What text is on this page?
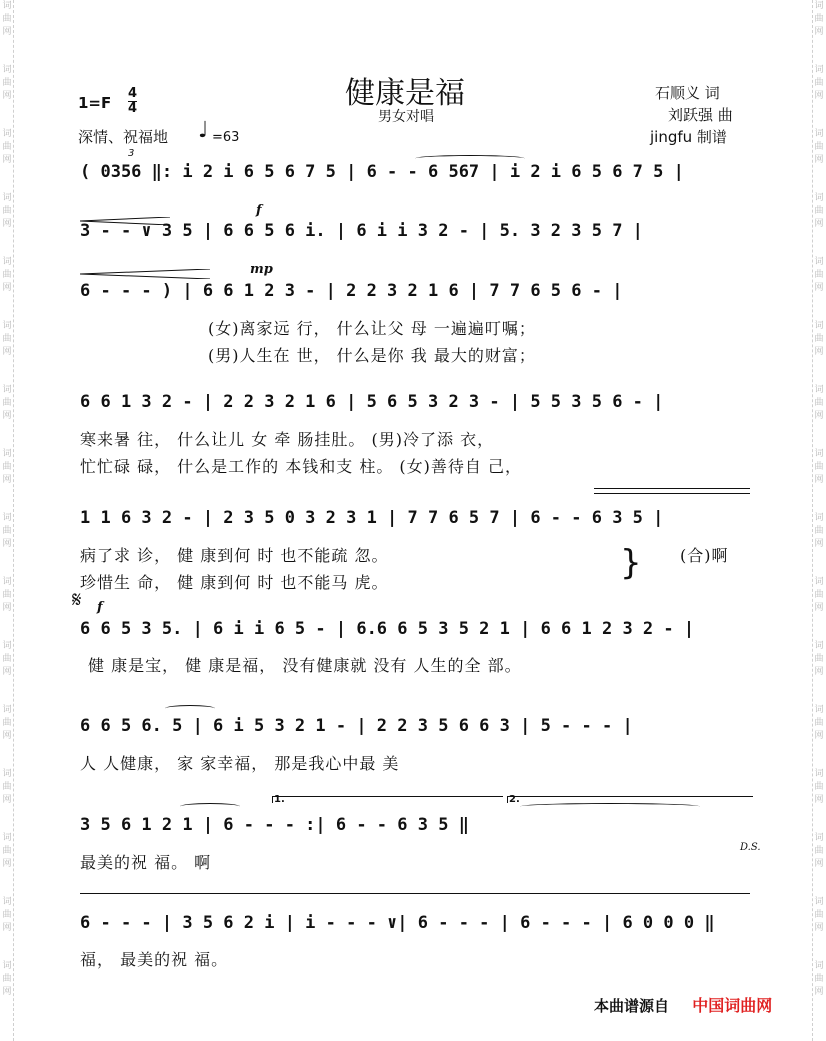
词
曲
网
词
曲
网
词
曲
网
词
曲
网
词
曲
网
词
曲
网
词
曲
网
词
曲
网
词
曲
网
词
曲
网
词
曲
网
词
曲
网
词
曲
网
词
曲
网
词
曲
网
词
曲
网
词
曲
网
词
曲
网
词
曲
网
词
曲
网
词
曲
网
词
曲
网
词
曲
网
词
曲
网
词
曲
网
词
曲
网
词
曲
网
词
曲
网
词
曲
网
词
曲
网
词
曲
网
词
曲
网
健康是福
男女对唱
1=F
4
4
深情、祝福地 ♩ =63
石顺义 词
刘跃强 曲
jingfu 制谱
( 0356 ‖: i 2 i 6 5 6 7 5 | 6 - - 6 567 | i 2 i 6 5 6 7 5 |
3
f
3 - - ∨ 3 5 | 6 6 5 6 i. | 6 i i 3 2 - | 5. 3 2 3 5 7 |
mp
6 - - - ) | 6 6 1 2 3 - | 2 2 3 2 1 6 | 7 7 6 5 6 - |
(女)离家远 行， 什么让父 母 一遍遍叮嘱；
(男)人生在 世， 什么是你 我 最大的财富；
6 6 1 3 2 - | 2 2 3 2 1 6 | 5 6 5 3 2 3 - | 5 5 3 5 6 - |
寒来暑 往， 什么让儿 女 牵 肠挂肚。 (男)冷了添 衣，
忙忙碌 碌， 什么是工作的 本钱和支 柱。 (女)善待自 己，
1 1 6 3 2 - | 2 3 5 0 3 2 3 1 | 7 7 6 5 7 | 6 - - 6 3 5 |
病了求 诊， 健 康到何 时 也不能疏 忽。
珍惜生 命， 健 康到何 时 也不能马 虎。	} (合)啊
𝄋 f
6 6 5 3 5. | 6 i i 6 5 - | 6.6 6 5 3 5 2 1 | 6 6 1 2 3 2 - |
健 康是宝， 健 康是福， 没有健康就 没有 人生的全 部。
6 6 5 6. 5 | 6 i 5 3 2 1 - | 2 2 3 5 6 6 3 | 5 - - - |
人 人健康， 家 家幸福， 那是我心中最 美
1.	2.
3 5 6 1 2 1 | 6 - - - :| 6 - - 6 3 5 ‖
D.S.
最美的祝 福。 啊
6 - - - | 3 5 6 2 i | i - - - ∨| 6 - - - | 6 - - - | 6 0 0 0 ‖
福， 最美的祝 福。
本曲谱源自 中国词曲网
